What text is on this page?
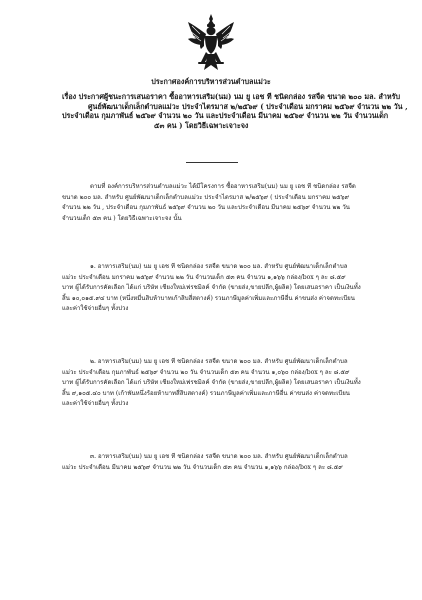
ประกาศองค์การบริหารส่วนตำบลแม่วะ
เรื่อง ประกาศผู้ชนะการเสนอราคา ซื้ออาหารเสริม(นม) นม ยู เอช ที ชนิดกล่อง รสจืด ขนาด ๒๐๐ มล. สำหรับ
ศูนย์พัฒนาเด็กเล็กตำบลแม่วะ ประจำไตรมาส ๒/๒๕๖๙ ( ประจำเดือน มกราคม ๒๕๖๙ จำนวน ๒๒ วัน ,
ประจำเดือน กุมภาพันธ์ ๒๕๖๙ จำนวน ๒๐ วัน และประจำเดือน มีนาคม ๒๕๖๙ จำนวน ๒๒ วัน จำนวนเด็ก
๕๓ คน ) โดยวิธีเฉพาะเจาะจง
ตามที่ องค์การบริหารส่วนตำบลแม่วะ ได้มีโครงการ ซื้ออาหารเสริม(นม) นม ยู เอช ที ชนิดกล่อง รสจืด
ขนาด ๒๐๐ มล. สำหรับ ศูนย์พัฒนาเด็กเล็กตำบลแม่วะ ประจำไตรมาส ๒/๒๕๖๙ ( ประจำเดือน มกราคม ๒๕๖๙
จำนวน ๒๒ วัน , ประจำเดือน กุมภาพันธ์ ๒๕๖๙ จำนวน ๒๐ วัน และประจำเดือน มีนาคม ๒๕๖๙ จำนวน ๒๒ วัน
จำนวนเด็ก ๕๓ คน ) โดยวิธีเฉพาะเจาะจง นั้น
๑. อาหารเสริม(นม) นม ยู เอช ที ชนิดกล่อง รสจืด ขนาด ๒๐๐ มล. สำหรับ ศูนย์พัฒนาเด็กเล็กตำบล
แม่วะ ประจำเดือน มกราคม ๒๕๖๙ จำนวน ๒๒ วัน จำนวนเด็ก ๕๓ คน จำนวน ๑,๑๖๖ กล่อง/box ๆ ละ ๘.๕๙
บาท ผู้ได้รับการคัดเลือก ได้แก่ บริษัท เชียงใหม่เฟรชมิลค์ จำกัด (ขายส่ง,ขายปลีก,ผู้ผลิต) โดยเสนอราคา เป็นเงินทั้ง
สิ้น ๑๐,๐๑๕.๙๔ บาท (หนึ่งหมื่นสิบห้าบาทเก้าสิบสี่สตางค์) รวมภาษีมูลค่าเพิ่มและภาษีอื่น ค่าขนส่ง ค่าจดทะเบียน
และค่าใช้จ่ายอื่นๆ ทั้งปวง
๒. อาหารเสริม(นม) นม ยู เอช ที ชนิดกล่อง รสจืด ขนาด ๒๐๐ มล. สำหรับ ศูนย์พัฒนาเด็กเล็กตำบล
แม่วะ ประจำเดือน กุมภาพันธ์ ๒๕๖๙ จำนวน ๒๐ วัน จำนวนเด็ก ๕๓ คน จำนวน ๑,๐๖๐ กล่อง/box ๆ ละ ๘.๕๙
บาท ผู้ได้รับการคัดเลือก ได้แก่ บริษัท เชียงใหม่เฟรชมิลค์ จำกัด (ขายส่ง,ขายปลีก,ผู้ผลิต) โดยเสนอราคา เป็นเงินทั้ง
สิ้น ๙,๑๐๕.๔๐ บาท (เก้าพันหนึ่งร้อยห้าบาทสี่สิบสตางค์) รวมภาษีมูลค่าเพิ่มและภาษีอื่น ค่าขนส่ง ค่าจดทะเบียน
และค่าใช้จ่ายอื่นๆ ทั้งปวง
๓. อาหารเสริม(นม) นม ยู เอช ที ชนิดกล่อง รสจืด ขนาด ๒๐๐ มล. สำหรับ ศูนย์พัฒนาเด็กเล็กตำบล
แม่วะ ประจำเดือน มีนาคม ๒๕๖๙ จำนวน ๒๒ วัน จำนวนเด็ก ๕๓ คน จำนวน ๑,๑๖๖ กล่อง/box ๆ ละ ๘.๕๙
